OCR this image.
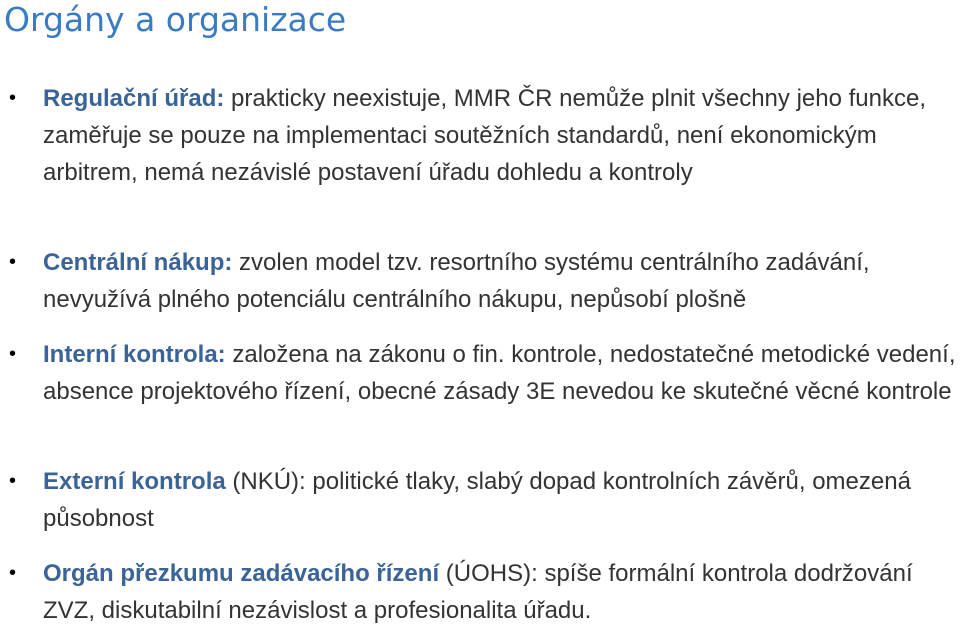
Orgány a organizace
• Regulační úřad: prakticky neexistuje, MMR ČR nemůže plnit všechny jeho funkce, zaměřuje se pouze na implementaci soutěžních standardů, není ekonomickým arbitrem, nemá nezávislé postavení úřadu dohledu a kontroly
• Centrální nákup: zvolen model tzv. resortního systému centrálního zadávání, nevyužívá plného potenciálu centrálního nákupu, nepůsobí plošně
• Interní kontrola: založena na zákonu o fin. kontrole, nedostatečné metodické vedení, absence projektového řízení, obecné zásady 3E nevedou ke skutečné věcné kontrole
• Externí kontrola (NKÚ): politické tlaky, slabý dopad kontrolních závěrů, omezená působnost
• Orgán přezkumu zadávacího řízení (ÚOHS): spíše formální kontrola dodržování ZVZ, diskutabilní nezávislost a profesionalita úřadu.
